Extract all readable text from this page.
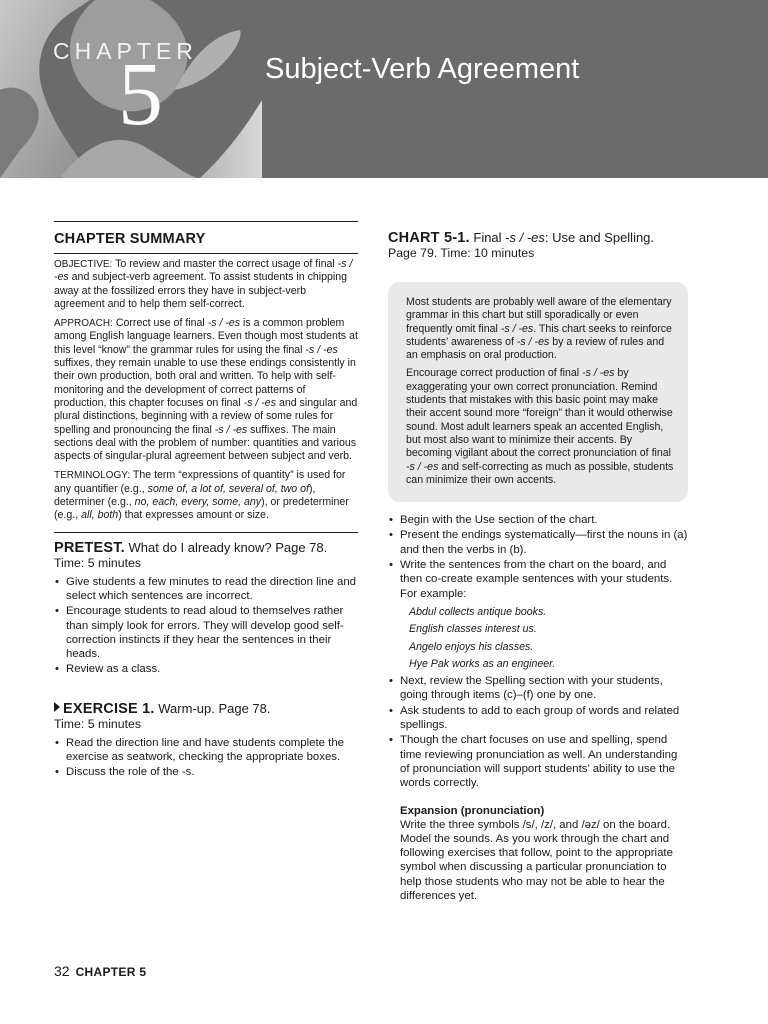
CHAPTER
5	Subject-Verb Agreement
CHAPTER SUMMARY

OBJECTIVE: To review and master the correct usage of final -s / -es and subject-verb agreement. To assist students in chipping away at the fossilized errors they have in subject-verb agreement and to help them self-correct.

APPROACH: Correct use of final -s / -es is a common problem among English language learners. Even though most students at this level “know” the grammar rules for using the final -s / -es suffixes, they remain unable to use these endings consistently in their own production, both oral and written. To help with self-monitoring and the development of correct patterns of production, this chapter focuses on final -s / -es and singular and plural distinctions, beginning with a review of some rules for spelling and pronouncing the final -s / -es suffixes. The main sections deal with the problem of number: quantities and various aspects of singular-plural agreement between subject and verb.

TERMINOLOGY: The term “expressions of quantity” is used for any quantifier (e.g., some of, a lot of, several of, two of), determiner (e.g., no, each, every, some, any), or predeterminer (e.g., all, both) that expresses amount or size.

PRETEST. What do I already know? Page 78.
Time: 5 minutes
• Give students a few minutes to read the direction line and select which sentences are incorrect.
• Encourage students to read aloud to themselves rather than simply look for errors. They will develop good self-correction instincts if they hear the sentences in their heads.
• Review as a class.
EXERCISE 1. Warm-up. Page 78.
Time: 5 minutes
• Read the direction line and have students complete the exercise as seatwork, checking the appropriate boxes.
• Discuss the role of the -s.
CHART 5-1. Final -s / -es: Use and Spelling.
Page 79. Time: 10 minutes

Most students are probably well aware of the elementary grammar in this chart but still sporadically or even frequently omit final -s / -es. This chart seeks to reinforce students’ awareness of -s / -es by a review of rules and an emphasis on oral production.

Encourage correct production of final -s / -es by exaggerating your own correct pronunciation. Remind students that mistakes with this basic point may make their accent sound more “foreign” than it would otherwise sound. Most adult learners speak an accented English, but most also want to minimize their accents. By becoming vigilant about the correct pronunciation of final -s / -es and self-correcting as much as possible, students can minimize their own accents.

• Begin with the Use section of the chart.
• Present the endings systematically—first the nouns in (a) and then the verbs in (b).
• Write the sentences from the chart on the board, and then co-create example sentences with your students. For example:
Abdul collects antique books.
English classes interest us.
Angelo enjoys his classes.
Hye Pak works as an engineer.
• Next, review the Spelling section with your students, going through items (c)–(f) one by one.
• Ask students to add to each group of words and related spellings.
• Though the chart focuses on use and spelling, spend time reviewing pronunciation as well. An understanding of pronunciation will support students’ ability to use the words correctly.
Expansion (pronunciation)
Write the three symbols /s/, /z/, and /əz/ on the board. Model the sounds. As you work through the chart and following exercises that follow, point to the appropriate symbol when discussing a particular pronunciation to help those students who may not be able to hear the differences yet.
32 CHAPTER 5
